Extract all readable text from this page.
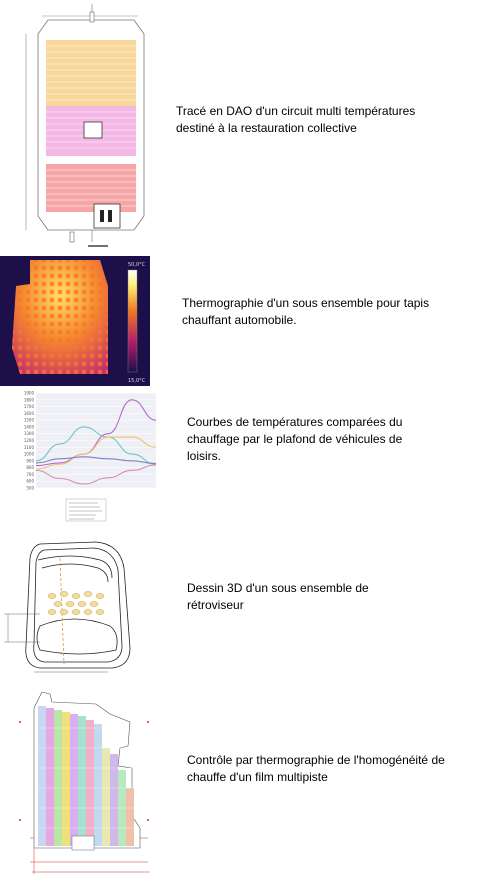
Tracé en DAO d'un circuit multi températures destiné à la restauration collective

50,0°C
15,0°C

Thermographie d'un sous ensemble pour tapis chauffant automobile.

1900
1800
1700
1600
1500
1400
1300
1200
1100
1000
900
800
700
600
500

Courbes de températures comparées du chauffage par le plafond de véhicules de loisirs.

Dessin 3D d'un sous ensemble de rétroviseur

Contrôle par thermographie de l'homogénéité de chauffe d'un film multipiste
